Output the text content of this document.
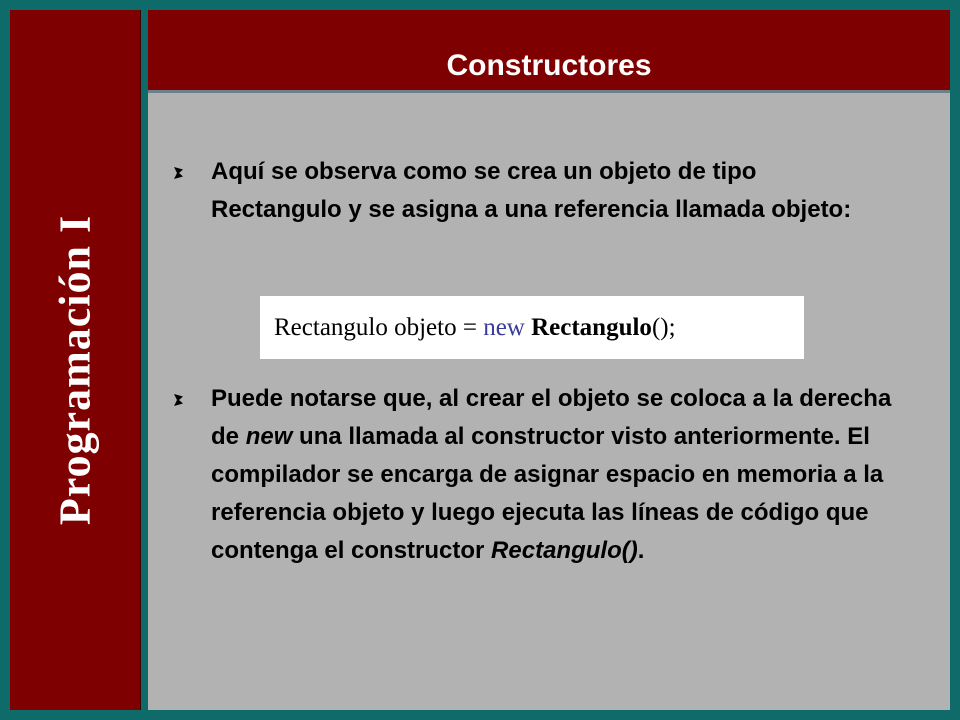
Programación I
Constructores
Aquí se observa como se crea un objeto de tipo Rectangulo y se asigna a una referencia llamada objeto:
Rectangulo objeto = new Rectangulo();
Puede notarse que, al crear el objeto se coloca a la derecha de new una llamada al constructor visto anteriormente. El compilador se encarga de asignar espacio en memoria a la referencia objeto y luego ejecuta las líneas de código que contenga el constructor Rectangulo().
